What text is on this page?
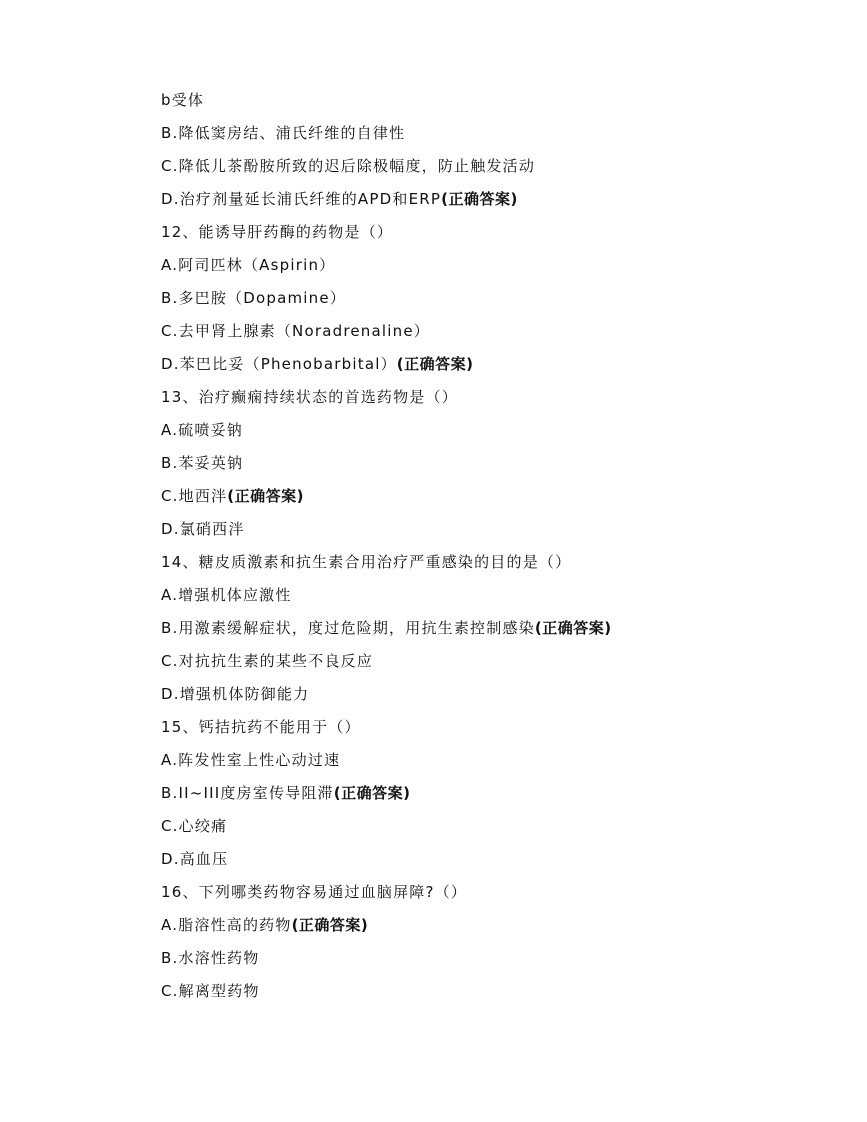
b受体
B.降低窦房结、浦氏纤维的自律性
C.降低儿茶酚胺所致的迟后除极幅度，防止触发活动
D.治疗剂量延长浦氏纤维的APD和ERP(正确答案)
12、能诱导肝药酶的药物是（）
A.阿司匹林（Aspirin）
B.多巴胺（Dopamine）
C.去甲肾上腺素（Noradrenaline）
D.苯巴比妥（Phenobarbital）(正确答案)
13、治疗癫痫持续状态的首选药物是（）
A.硫喷妥钠
B.苯妥英钠
C.地西泮(正确答案)
D.氯硝西泮
14、糖皮质激素和抗生素合用治疗严重感染的目的是（）
A.增强机体应激性
B.用激素缓解症状，度过危险期，用抗生素控制感染(正确答案)
C.对抗抗生素的某些不良反应
D.增强机体防御能力
15、钙拮抗药不能用于（）
A.阵发性室上性心动过速
B.II~III度房室传导阻滞(正确答案)
C.心绞痛
D.高血压
16、下列哪类药物容易通过血脑屏障?（）
A.脂溶性高的药物(正确答案)
B.水溶性药物
C.解离型药物
